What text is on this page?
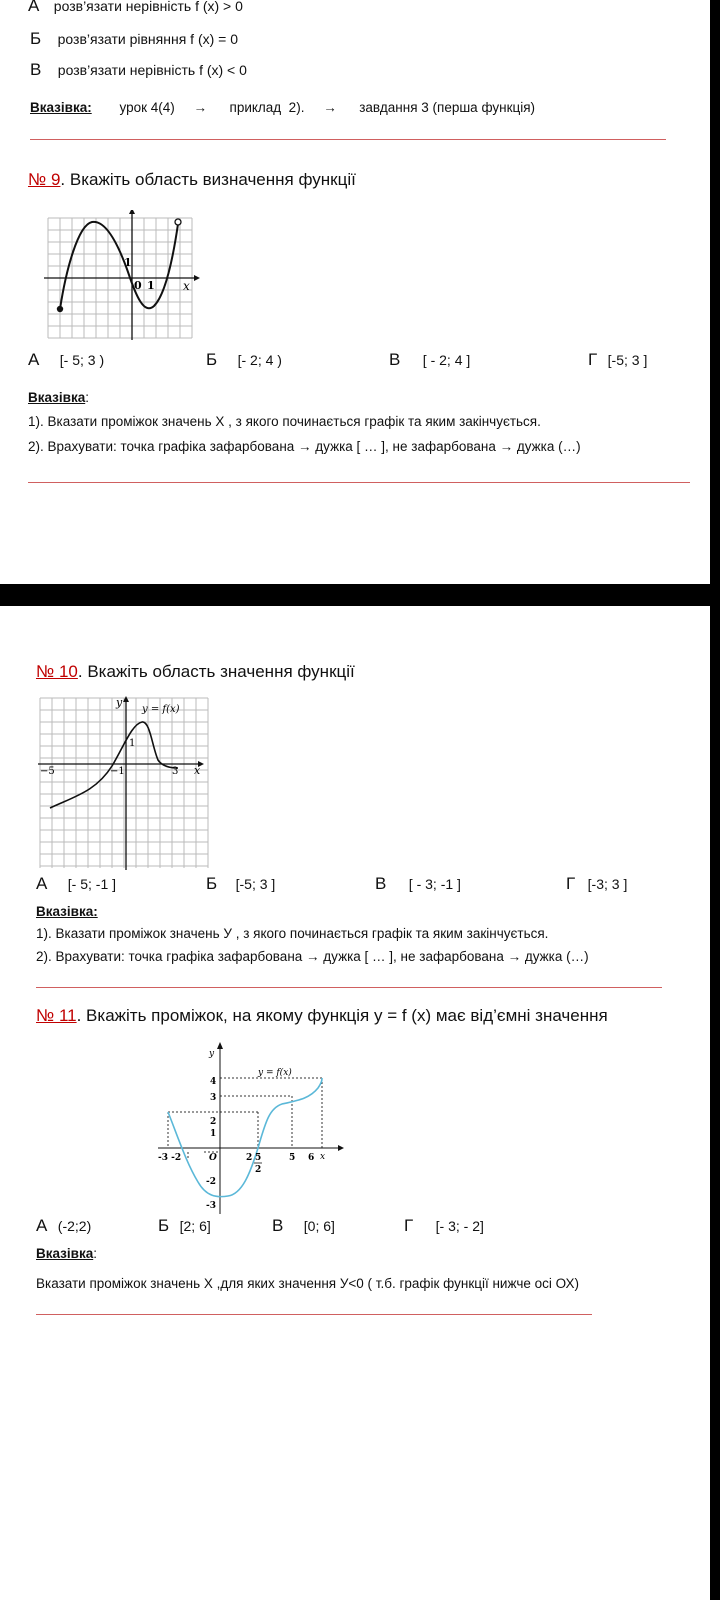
А розв’язати нерівність f (x) > 0
Б розв’язати рівняння f (x) = 0
В розв’язати нерівність f (x) < 0
Вказівка: урок 4(4)     →      приклад  2).     →      завдання 3 (перша функція)
№ 9. Вкажіть область визначення функції
1
0 1 x
А [- 5; 3 )	Б [- 2; 4 )	В [ - 2; 4 ]	Г [-5; 3 ]
Вказівка:
1). Вказати проміжок значень Х , з якого починається графік та яким закінчується.
2). Врахувати: точка графіка зафарбована → дужка [ … ], не зафарбована → дужка (…)
№ 10. Вкажіть область значення функції
y
y = f(x)
1
−5	−1	3 x
А [- 5; -1 ]	Б [-5; 3 ]	В [ - 3; -1 ]	Г [-3; 3 ]
Вказівка:
1). Вказати проміжок значень У , з якого починається графік та яким закінчується.
2). Врахувати: точка графіка зафарбована → дужка [ … ], не зафарбована → дужка (…)
№ 11. Вкажіть проміжок, на якому функція y = f (x) має від’ємні значення
y
y = f(x)
4
3
2
1
-3 -2	O	2 5
2
5 6 x
-2
-3
А (-2;2)	Б [2; 6]	В [0; 6]	Г [- 3; - 2]
Вказівка:
Вказати проміжок значень Х ,для яких значення У<0 ( т.б. графік функції нижче осі ОХ)
